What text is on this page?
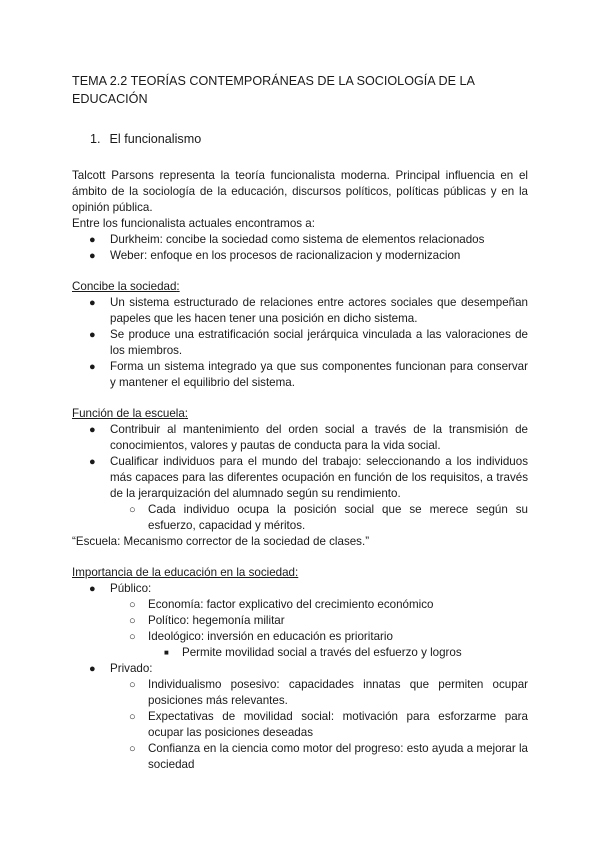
TEMA 2.2 TEORÍAS CONTEMPORÁNEAS DE LA SOCIOLOGÍA DE LA EDUCACIÓN
1. El funcionalismo

Talcott Parsons representa la teoría funcionalista moderna. Principal influencia en el ámbito de la sociología de la educación, discursos políticos, políticas públicas y en la opinión pública.

Entre los funcionalista actuales encontramos a:

● Durkheim: concibe la sociedad como sistema de elementos relacionados
● Weber: enfoque en los procesos de racionalizacion y modernizacion

Concibe la sociedad:

● Un sistema estructurado de relaciones entre actores sociales que desempeñan papeles que les hacen tener una posición en dicho sistema.
● Se produce una estratificación social jerárquica vinculada a las valoraciones de los miembros.
● Forma un sistema integrado ya que sus componentes funcionan para conservar y mantener el equilibrio del sistema.

Función de la escuela:

● Contribuir al mantenimiento del orden social a través de la transmisión de conocimientos, valores y pautas de conducta para la vida social.
● Cualificar individuos para el mundo del trabajo: seleccionando a los individuos más capaces para las diferentes ocupación en función de los requisitos, a través de la jerarquización del alumnado según su rendimiento.
○ Cada individuo ocupa la posición social que se merece según su esfuerzo, capacidad y méritos.

“Escuela: Mecanismo corrector de la sociedad de clases.”

Importancia de la educación en la sociedad:

● Público:
○ Economía: factor explicativo del crecimiento económico
○ Político: hegemonía militar
○ Ideológico: inversión en educación es prioritario
■ Permite movilidad social a través del esfuerzo y logros
● Privado:
○ Individualismo posesivo: capacidades innatas que permiten ocupar posiciones más relevantes.
○ Expectativas de movilidad social: motivación para esforzarme para ocupar las posiciones deseadas
○ Confianza en la ciencia como motor del progreso: esto ayuda a mejorar la sociedad
